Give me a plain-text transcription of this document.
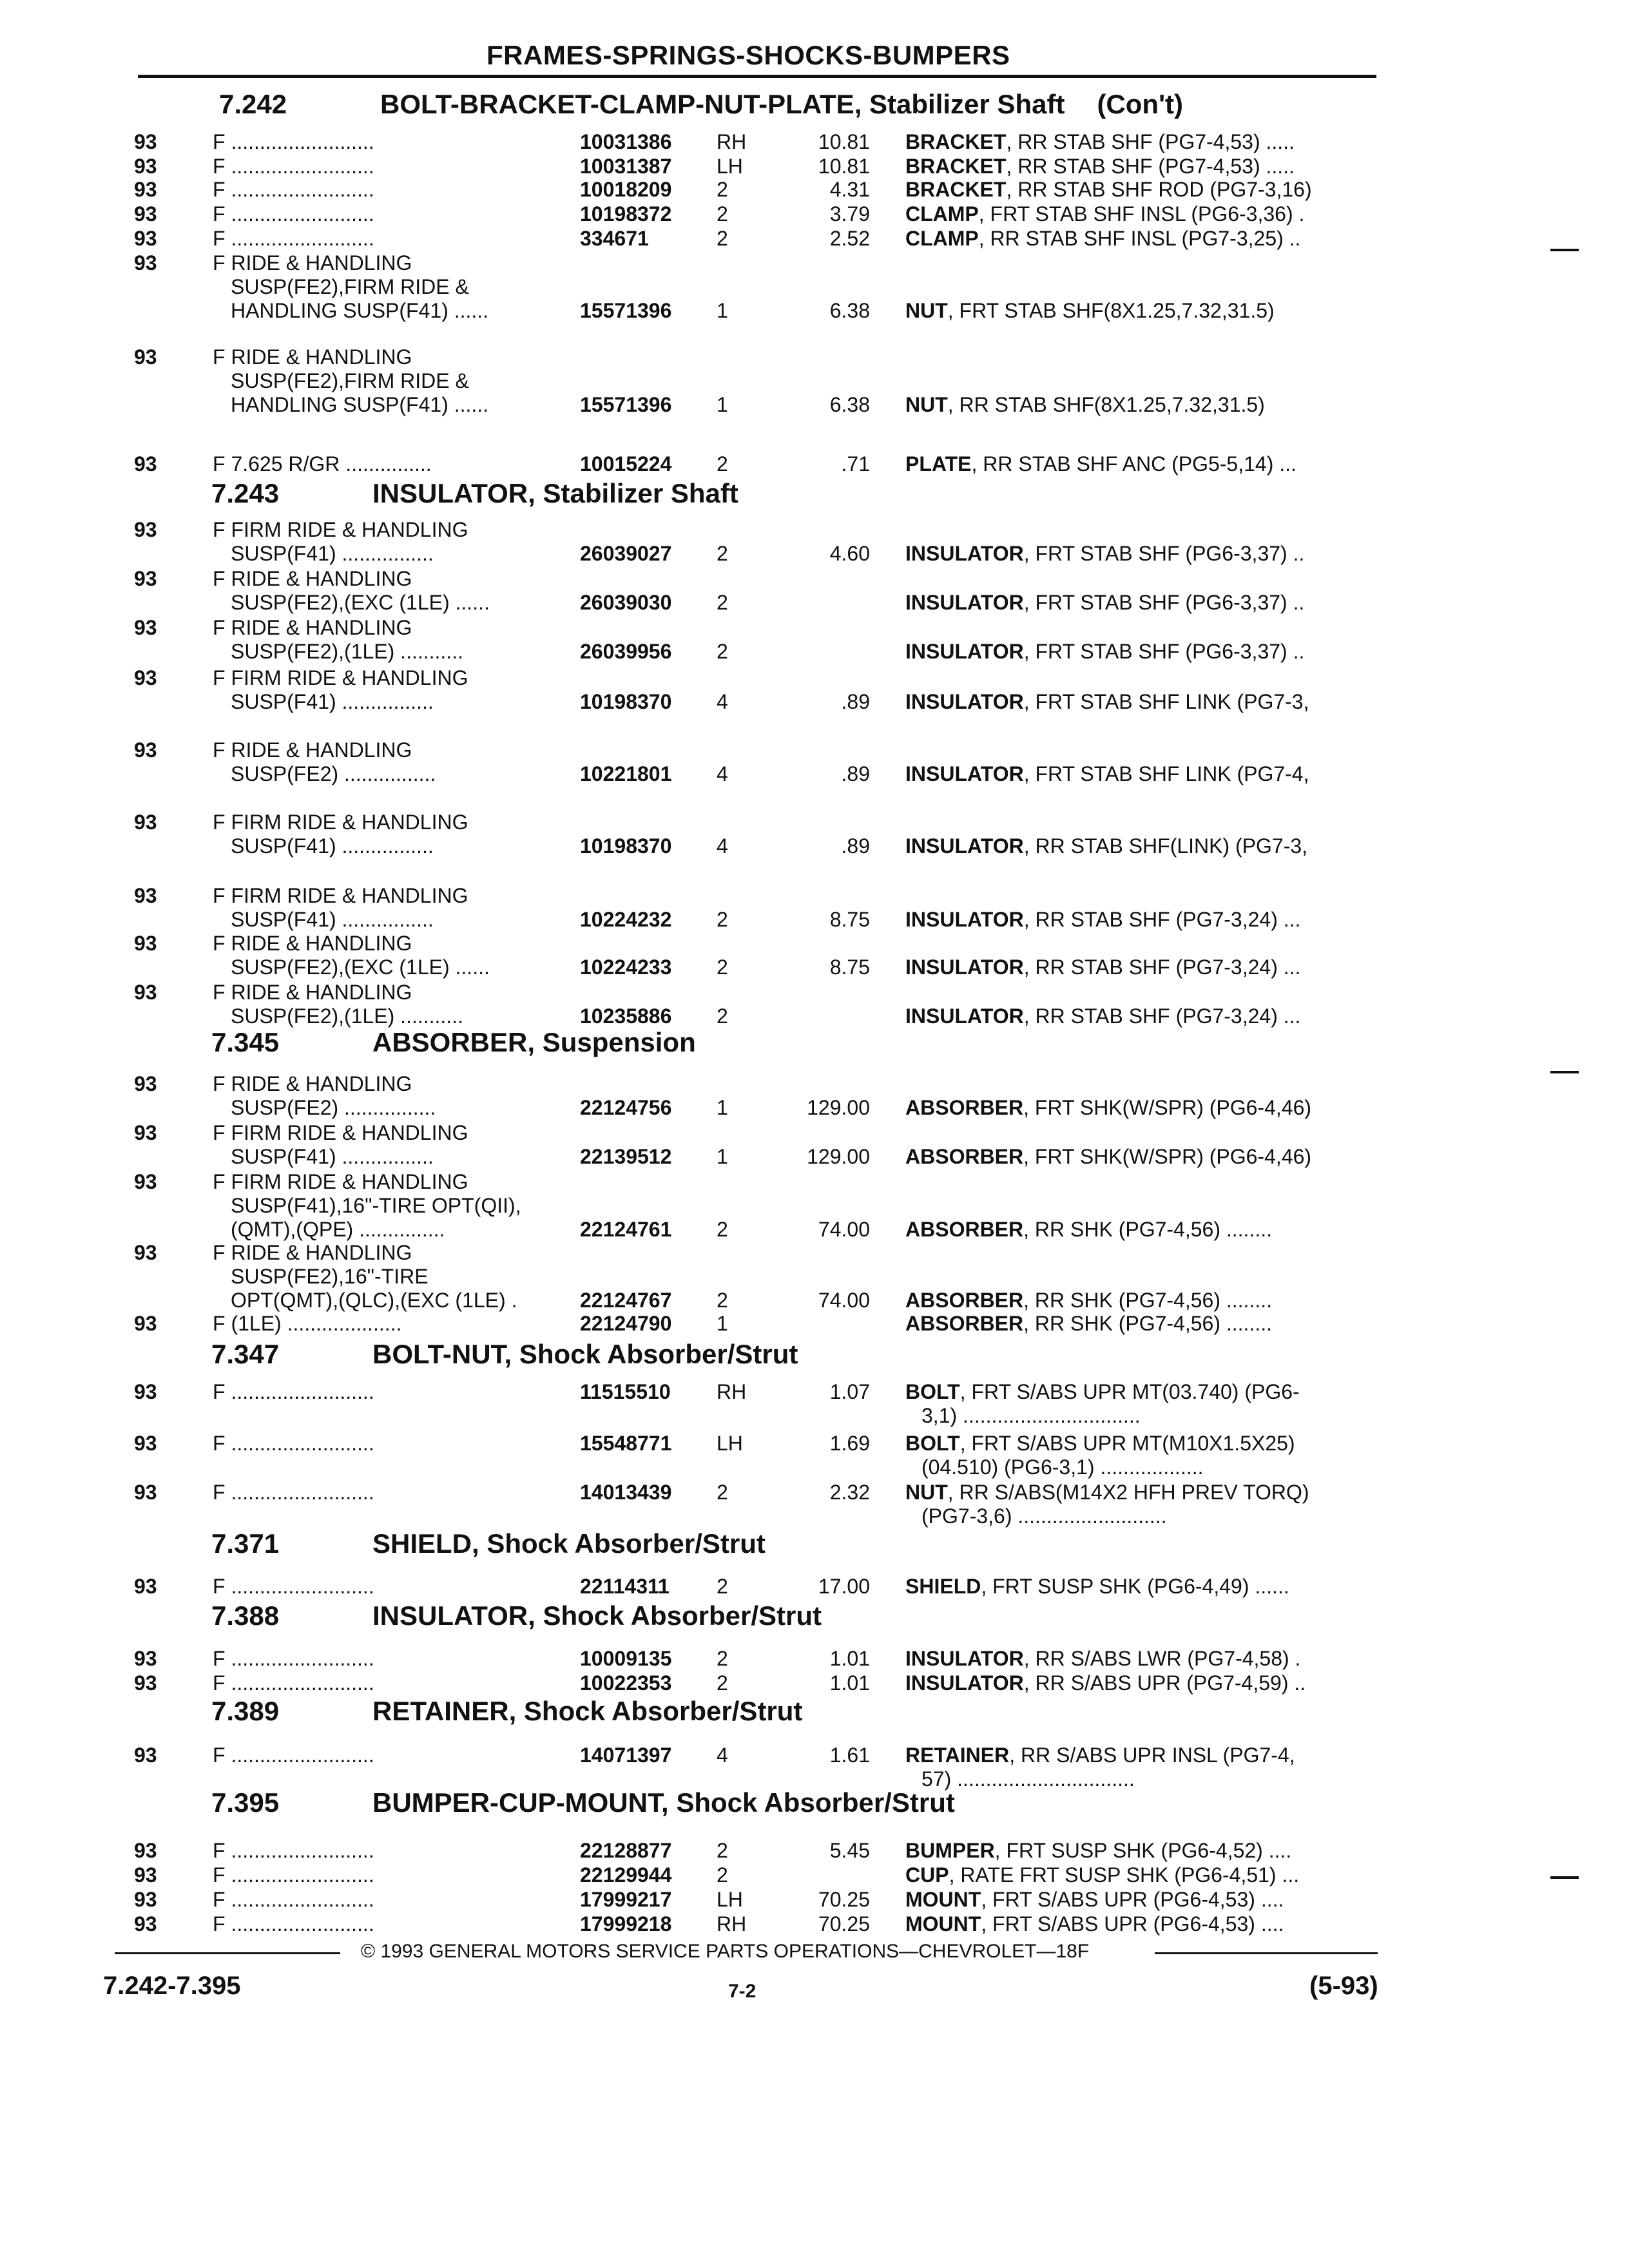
FRAMES-SPRINGS-SHOCKS-BUMPERS
7.242	BOLT-BRACKET-CLAMP-NUT-PLATE, Stabilizer Shaft (Con't)
93	F .........................	10031386 RH	10.81 BRACKET, RR STAB SHF (PG7-4,53) .....
93	F .........................	10031387 LH	10.81 BRACKET, RR STAB SHF (PG7-4,53) .....
93	F .........................	10018209 2	4.31 BRACKET, RR STAB SHF ROD (PG7-3,16)
93	F .........................	10198372 2	3.79 CLAMP, FRT STAB SHF INSL (PG6-3,36) .
93	F .........................	334671	2	2.52 CLAMP, RR STAB SHF INSL (PG7-3,25) ..
93	F RIDE & HANDLING
SUSP(FE2),FIRM RIDE &
HANDLING SUSP(F41) ......	15571396 1	6.38 NUT, FRT STAB SHF(8X1.25,7.32,31.5)
93	F RIDE & HANDLING
SUSP(FE2),FIRM RIDE &
HANDLING SUSP(F41) ......	15571396 1	6.38 NUT, RR STAB SHF(8X1.25,7.32,31.5)
93	F 7.625 R/GR ...............	10015224 2	.71 PLATE, RR STAB SHF ANC (PG5-5,14) ...
7.243	INSULATOR, Stabilizer Shaft
93	F FIRM RIDE & HANDLING
SUSP(F41) ................	26039027 2	4.60 INSULATOR, FRT STAB SHF (PG6-3,37) ..
93	F RIDE & HANDLING
SUSP(FE2),(EXC (1LE) ......	26039030 2	INSULATOR, FRT STAB SHF (PG6-3,37) ..
93	F RIDE & HANDLING
SUSP(FE2),(1LE) ...........	26039956 2	INSULATOR, FRT STAB SHF (PG6-3,37) ..
93	F FIRM RIDE & HANDLING
SUSP(F41) ................	10198370 4	.89 INSULATOR, FRT STAB SHF LINK (PG7-3,
93	F RIDE & HANDLING
SUSP(FE2) ................	10221801 4	.89 INSULATOR, FRT STAB SHF LINK (PG7-4,
93	F FIRM RIDE & HANDLING
SUSP(F41) ................	10198370 4	.89 INSULATOR, RR STAB SHF(LINK) (PG7-3,
93	F FIRM RIDE & HANDLING
SUSP(F41) ................	10224232 2	8.75 INSULATOR, RR STAB SHF (PG7-3,24) ...
93	F RIDE & HANDLING
SUSP(FE2),(EXC (1LE) ......	10224233 2	8.75 INSULATOR, RR STAB SHF (PG7-3,24) ...
93	F RIDE & HANDLING
SUSP(FE2),(1LE) ...........	10235886 2	INSULATOR, RR STAB SHF (PG7-3,24) ...
7.345	ABSORBER, Suspension
93	F RIDE & HANDLING
SUSP(FE2) ................	22124756 1	129.00 ABSORBER, FRT SHK(W/SPR) (PG6-4,46)
93	F FIRM RIDE & HANDLING
SUSP(F41) ................	22139512 1	129.00 ABSORBER, FRT SHK(W/SPR) (PG6-4,46)
93	F FIRM RIDE & HANDLING
SUSP(F41),16"-TIRE OPT(QII),
(QMT),(QPE) ...............	22124761 2	74.00 ABSORBER, RR SHK (PG7-4,56) ........
93	F RIDE & HANDLING
SUSP(FE2),16"-TIRE
OPT(QMT),(QLC),(EXC (1LE) .	22124767 2	74.00 ABSORBER, RR SHK (PG7-4,56) ........
93	F (1LE) ....................	22124790 1	ABSORBER, RR SHK (PG7-4,56) ........
7.347	BOLT-NUT, Shock Absorber/Strut
93	F .........................	11515510 RH	1.07 BOLT, FRT S/ABS UPR MT(03.740) (PG6-
3,1) ...............................
93	F .........................	15548771 LH	1.69 BOLT, FRT S/ABS UPR MT(M10X1.5X25)
(04.510) (PG6-3,1) ..................
93	F .........................	14013439 2	2.32 NUT, RR S/ABS(M14X2 HFH PREV TORQ)
(PG7-3,6) ..........................
7.371	SHIELD, Shock Absorber/Strut
93	F .........................	22114311 2	17.00 SHIELD, FRT SUSP SHK (PG6-4,49) ......
7.388	INSULATOR, Shock Absorber/Strut
93	F .........................	10009135 2	1.01 INSULATOR, RR S/ABS LWR (PG7-4,58) .
93	F .........................	10022353 2	1.01 INSULATOR, RR S/ABS UPR (PG7-4,59) ..
7.389	RETAINER, Shock Absorber/Strut
93	F .........................	14071397 4	1.61 RETAINER, RR S/ABS UPR INSL (PG7-4,
57) ...............................
7.395	BUMPER-CUP-MOUNT, Shock Absorber/Strut
93	F .........................	22128877 2	5.45 BUMPER, FRT SUSP SHK (PG6-4,52) ....
93	F .........................	22129944 2	CUP, RATE FRT SUSP SHK (PG6-4,51) ...
93	F .........................	17999217 LH	70.25 MOUNT, FRT S/ABS UPR (PG6-4,53) ....
93	F .........................	17999218 RH	70.25 MOUNT, FRT S/ABS UPR (PG6-4,53) ....
© 1993 GENERAL MOTORS SERVICE PARTS OPERATIONS—CHEVROLET—18F
7.242-7.395	7-2	(5-93)
